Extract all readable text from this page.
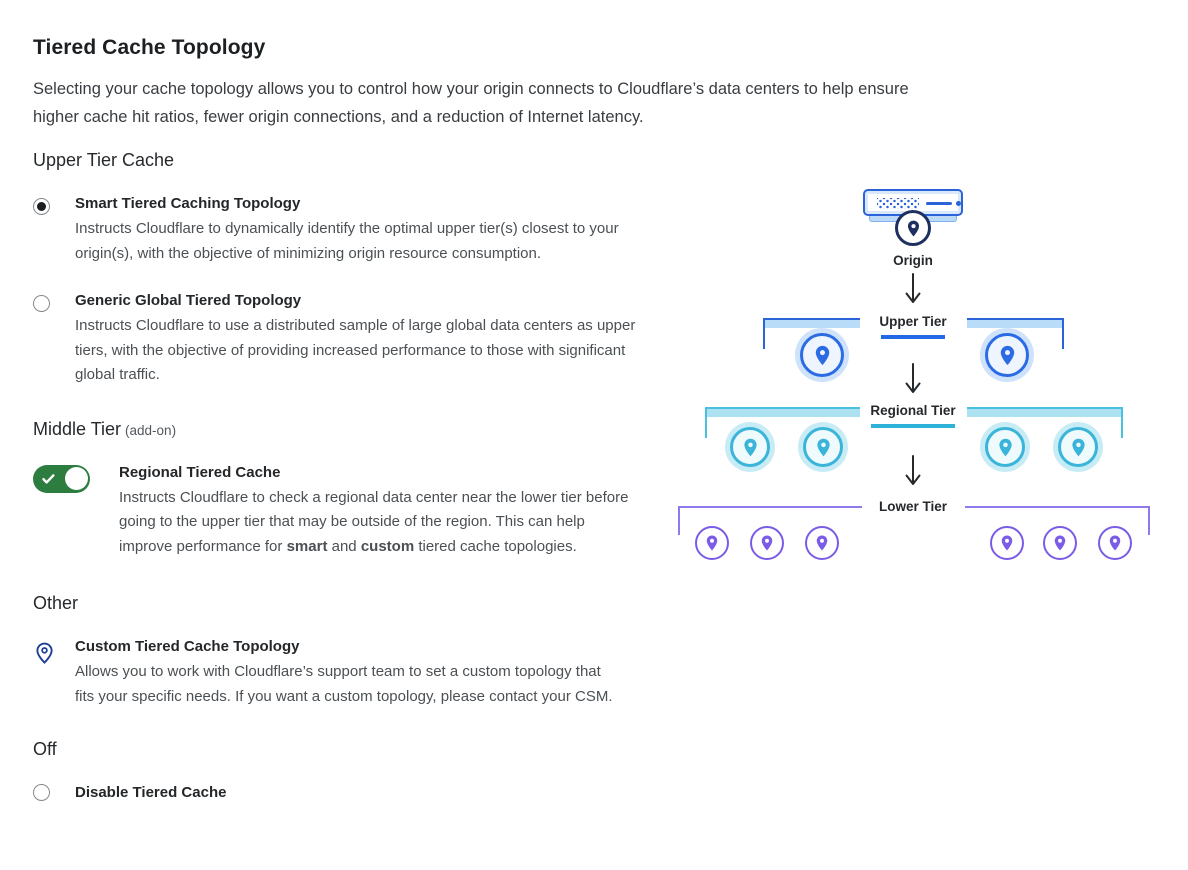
Tiered Cache Topology

Selecting your cache topology allows you to control how your origin connects to Cloudflare’s data centers to help ensure higher cache hit ratios, fewer origin connections, and a reduction of Internet latency.

Upper Tier Cache
Smart Tiered Caching Topology
Instructs Cloudflare to dynamically identify the optimal upper tier(s) closest to your origin(s), with the objective of minimizing origin resource consumption.
Generic Global Tiered Topology
Instructs Cloudflare to use a distributed sample of large global data centers as upper tiers, with the objective of providing increased performance to those with significant global traffic.
Middle Tier (add-on)
Regional Tiered Cache
Instructs Cloudflare to check a regional data center near the lower tier before going to the upper tier that may be outside of the region. This can help improve performance for smart and custom tiered cache topologies.
Other
Custom Tiered Cache Topology
Allows you to work with Cloudflare’s support team to set a custom topology that fits your specific needs. If you want a custom topology, please contact your CSM.
Off
Disable Tiered Cache
Origin
Upper Tier
Regional Tier
Lower Tier
